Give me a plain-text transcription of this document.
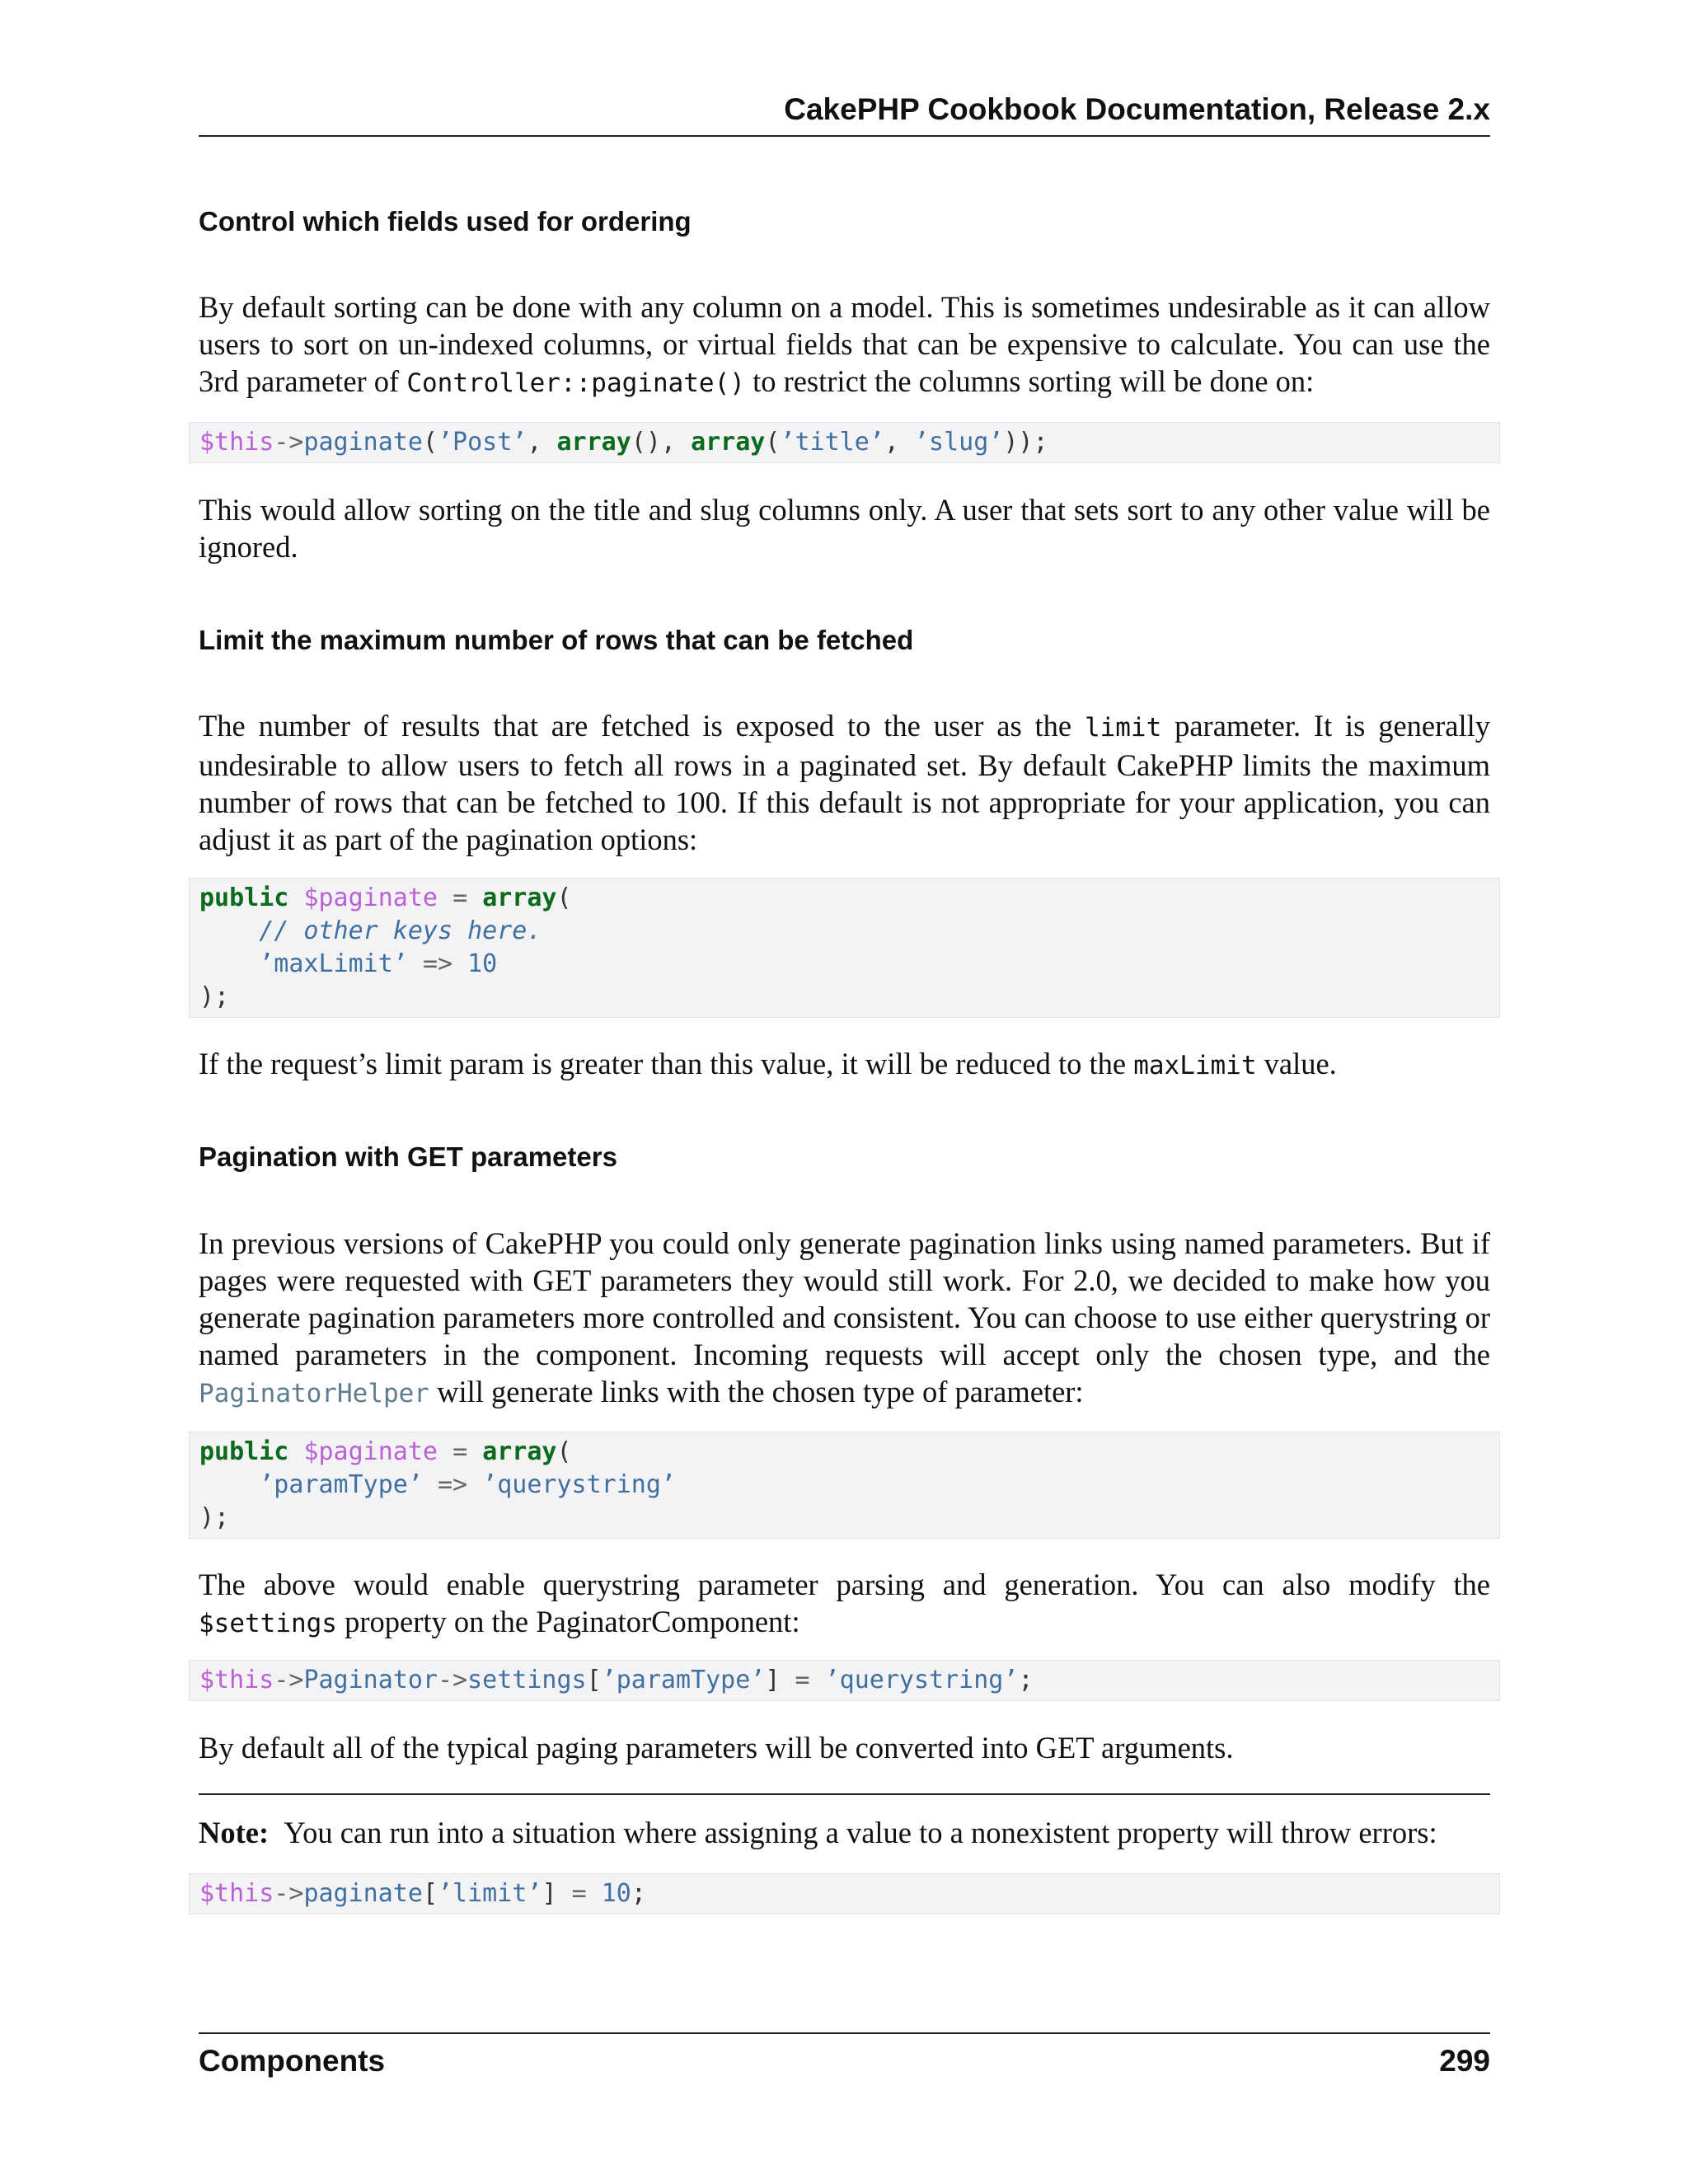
CakePHP Cookbook Documentation, Release 2.x
Control which fields used for ordering
By default sorting can be done with any column on a model. This is sometimes undesirable as it can allow users to sort on un-indexed columns, or virtual fields that can be expensive to calculate. You can use the 3rd parameter of Controller::paginate() to restrict the columns sorting will be done on:
$this->paginate(’Post’, array(), array(’title’, ’slug’));
This would allow sorting on the title and slug columns only. A user that sets sort to any other value will be ignored.
Limit the maximum number of rows that can be fetched
The number of results that are fetched is exposed to the user as the limit parameter. It is generally undesirable to allow users to fetch all rows in a paginated set. By default CakePHP limits the maximum number of rows that can be fetched to 100. If this default is not appropriate for your application, you can adjust it as part of the pagination options:
public $paginate = array(
// other keys here.
’maxLimit’ => 10
);
If the request’s limit param is greater than this value, it will be reduced to the maxLimit value.
Pagination with GET parameters
In previous versions of CakePHP you could only generate pagination links using named parameters. But if pages were requested with GET parameters they would still work. For 2.0, we decided to make how you generate pagination parameters more controlled and consistent. You can choose to use either querystring or named parameters in the component. Incoming requests will accept only the chosen type, and the PaginatorHelper will generate links with the chosen type of parameter:
public $paginate = array(
’paramType’ => ’querystring’
);
The above would enable querystring parameter parsing and generation. You can also modify the $settings property on the PaginatorComponent:
$this->Paginator->settings[’paramType’] = ’querystring’;
By default all of the typical paging parameters will be converted into GET arguments.
Note: You can run into a situation where assigning a value to a nonexistent property will throw errors:
$this->paginate[’limit’] = 10;
Components	299
